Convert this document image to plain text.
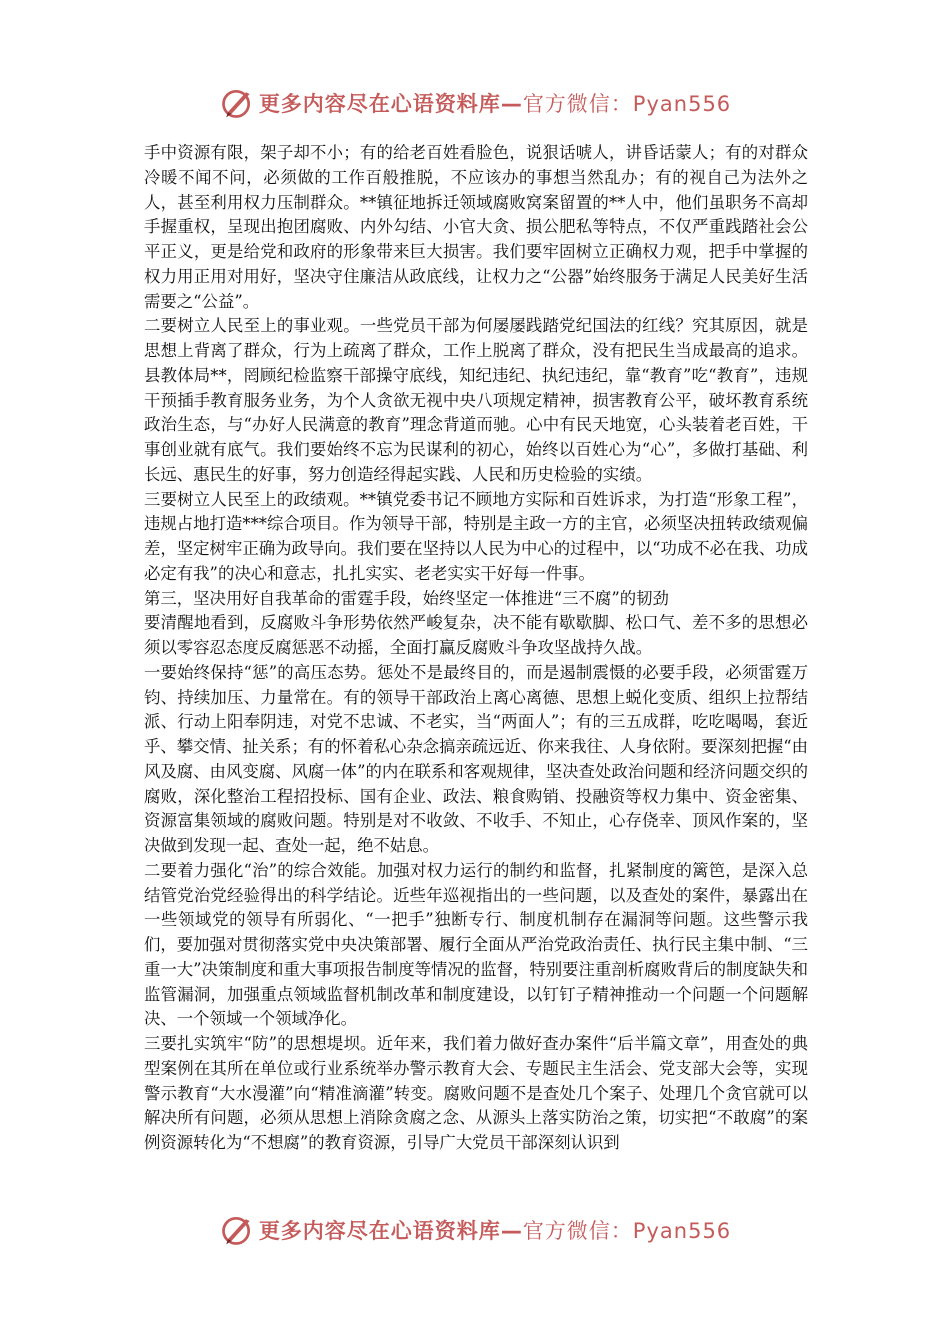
更多内容尽在心语资料库—官方微信：Pyan556

手中资源有限，架子却不小；有的给老百姓看脸色，说狠话唬人，讲昏话蒙人；有的对群众冷暖不闻不问，必须做的工作百般推脱，不应该办的事想当然乱办；有的视自己为法外之人，甚至利用权力压制群众。**镇征地拆迁领域腐败窝案留置的**人中，他们虽职务不高却手握重权，呈现出抱团腐败、内外勾结、小官大贪、损公肥私等特点，不仅严重践踏社会公平正义，更是给党和政府的形象带来巨大损害。我们要牢固树立正确权力观，把手中掌握的权力用正用对用好，坚决守住廉洁从政底线，让权力之“公器”始终服务于满足人民美好生活需要之“公益”。

二要树立人民至上的事业观。一些党员干部为何屡屡践踏党纪国法的红线？究其原因，就是思想上背离了群众，行为上疏离了群众，工作上脱离了群众，没有把民生当成最高的追求。县教体局**，罔顾纪检监察干部操守底线，知纪违纪、执纪违纪，靠“教育”吃“教育”，违规干预插手教育服务业务，为个人贪欲无视中央八项规定精神，损害教育公平，破坏教育系统政治生态，与“办好人民满意的教育”理念背道而驰。心中有民天地宽，心头装着老百姓，干事创业就有底气。我们要始终不忘为民谋利的初心，始终以百姓心为“心”，多做打基础、利长远、惠民生的好事，努力创造经得起实践、人民和历史检验的实绩。

三要树立人民至上的政绩观。**镇党委书记不顾地方实际和百姓诉求，为打造“形象工程”，违规占地打造***综合项目。作为领导干部，特别是主政一方的主官，必须坚决扭转政绩观偏差，坚定树牢正确为政导向。我们要在坚持以人民为中心的过程中，以“功成不必在我、功成必定有我”的决心和意志，扎扎实实、老老实实干好每一件事。

第三，坚决用好自我革命的雷霆手段，始终坚定一体推进“三不腐”的韧劲

要清醒地看到，反腐败斗争形势依然严峻复杂，决不能有歇歇脚、松口气、差不多的思想必须以零容忍态度反腐惩恶不动摇，全面打赢反腐败斗争攻坚战持久战。

一要始终保持“惩”的高压态势。惩处不是最终目的，而是遏制震慑的必要手段，必须雷霆万钧、持续加压、力量常在。有的领导干部政治上离心离德、思想上蜕化变质、组织上拉帮结派、行动上阳奉阴违，对党不忠诚、不老实，当“两面人”；有的三五成群，吃吃喝喝，套近乎、攀交情、扯关系；有的怀着私心杂念搞亲疏远近、你来我往、人身依附。要深刻把握“由风及腐、由风变腐、风腐一体”的内在联系和客观规律，坚决查处政治问题和经济问题交织的腐败，深化整治工程招投标、国有企业、政法、粮食购销、投融资等权力集中、资金密集、资源富集领域的腐败问题。特别是对不收敛、不收手、不知止，心存侥幸、顶风作案的，坚决做到发现一起、查处一起，绝不姑息。

二要着力强化“治”的综合效能。加强对权力运行的制约和监督，扎紧制度的篱笆，是深入总结管党治党经验得出的科学结论。近些年巡视指出的一些问题，以及查处的案件，暴露出在一些领域党的领导有所弱化、“一把手”独断专行、制度机制存在漏洞等问题。这些警示我们，要加强对贯彻落实党中央决策部署、履行全面从严治党政治责任、执行民主集中制、“三重一大”决策制度和重大事项报告制度等情况的监督，特别要注重剖析腐败背后的制度缺失和监管漏洞，加强重点领域监督机制改革和制度建设，以钉钉子精神推动一个问题一个问题解决、一个领域一个领域净化。

三要扎实筑牢“防”的思想堤坝。近年来，我们着力做好查办案件“后半篇文章”，用查处的典型案例在其所在单位或行业系统举办警示教育大会、专题民主生活会、党支部大会等，实现警示教育“大水漫灌”向“精准滴灌”转变。腐败问题不是查处几个案子、处理几个贪官就可以解决所有问题，必须从思想上消除贪腐之念、从源头上落实防治之策，切实把“不敢腐”的案例资源转化为“不想腐”的教育资源，引导广大党员干部深刻认识到

更多内容尽在心语资料库—官方微信：Pyan556
